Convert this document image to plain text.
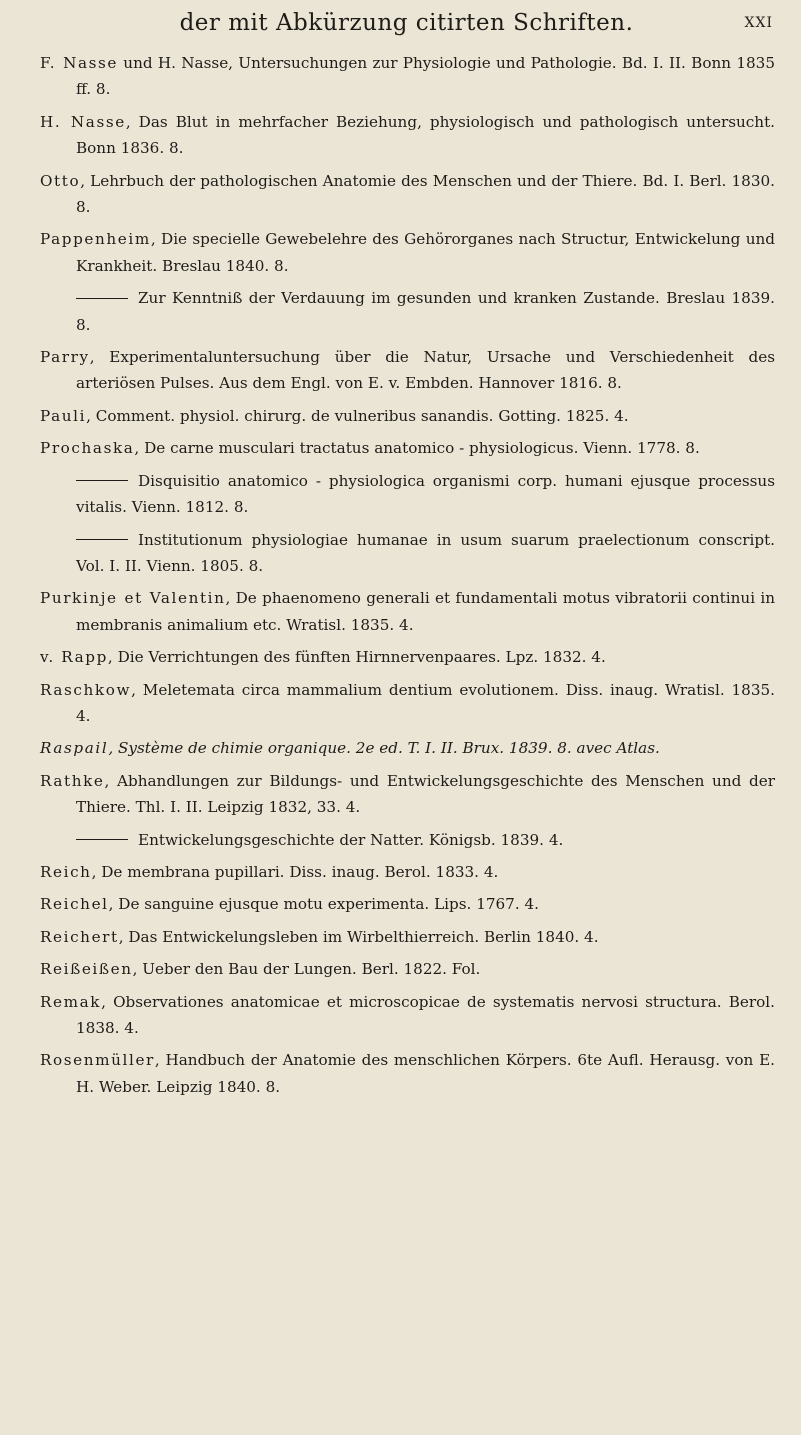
der mit Abkürzung citirten Schriften.	XXI

F. Nasse und H. Nasse, Untersuchungen zur Physiologie und Pathologie. Bd. I. II. Bonn 1835 ff. 8.

H. Nasse, Das Blut in mehrfacher Beziehung, physiologisch und pathologisch untersucht. Bonn 1836. 8.

Otto, Lehrbuch der pathologischen Anatomie des Menschen und der Thiere. Bd. I. Berl. 1830. 8.

Pappenheim, Die specielle Gewebelehre des Gehörorganes nach Structur, Entwickelung und Krankheit. Breslau 1840. 8.

Zur Kenntniß der Verdauung im gesunden und kranken Zustande. Breslau 1839. 8.

Parry, Experimentaluntersuchung über die Natur, Ursache und Verschiedenheit des arteriösen Pulses. Aus dem Engl. von E. v. Embden. Hannover 1816. 8.

Pauli, Comment. physiol. chirurg. de vulneribus sanandis. Gotting. 1825. 4.

Prochaska, De carne musculari tractatus anatomico - physiologicus. Vienn. 1778. 8.

Disquisitio anatomico - physiologica organismi corp. humani ejusque processus vitalis. Vienn. 1812. 8.

Institutionum physiologiae humanae in usum suarum praelectionum conscript. Vol. I. II. Vienn. 1805. 8.

Purkinje et Valentin, De phaenomeno generali et fundamentali motus vibratorii continui in membranis animalium etc. Wratisl. 1835. 4.

v. Rapp, Die Verrichtungen des fünften Hirnnervenpaares. Lpz. 1832. 4.

Raschkow, Meletemata circa mammalium dentium evolutionem. Diss. inaug. Wratisl. 1835. 4.

Raspail, Système de chimie organique. 2e ed. T. I. II. Brux. 1839. 8. avec Atlas.

Rathke, Abhandlungen zur Bildungs- und Entwickelungsgeschichte des Menschen und der Thiere. Thl. I. II. Leipzig 1832, 33. 4.

Entwickelungsgeschichte der Natter. Königsb. 1839. 4.

Reich, De membrana pupillari. Diss. inaug. Berol. 1833. 4.

Reichel, De sanguine ejusque motu experimenta. Lips. 1767. 4.

Reichert, Das Entwickelungsleben im Wirbelthierreich. Berlin 1840. 4.

Reißeißen, Ueber den Bau der Lungen. Berl. 1822. Fol.

Remak, Observationes anatomicae et microscopicae de systematis nervosi structura. Berol. 1838. 4.

Rosenmüller, Handbuch der Anatomie des menschlichen Körpers. 6te Aufl. Herausg. von E. H. Weber. Leipzig 1840. 8.
